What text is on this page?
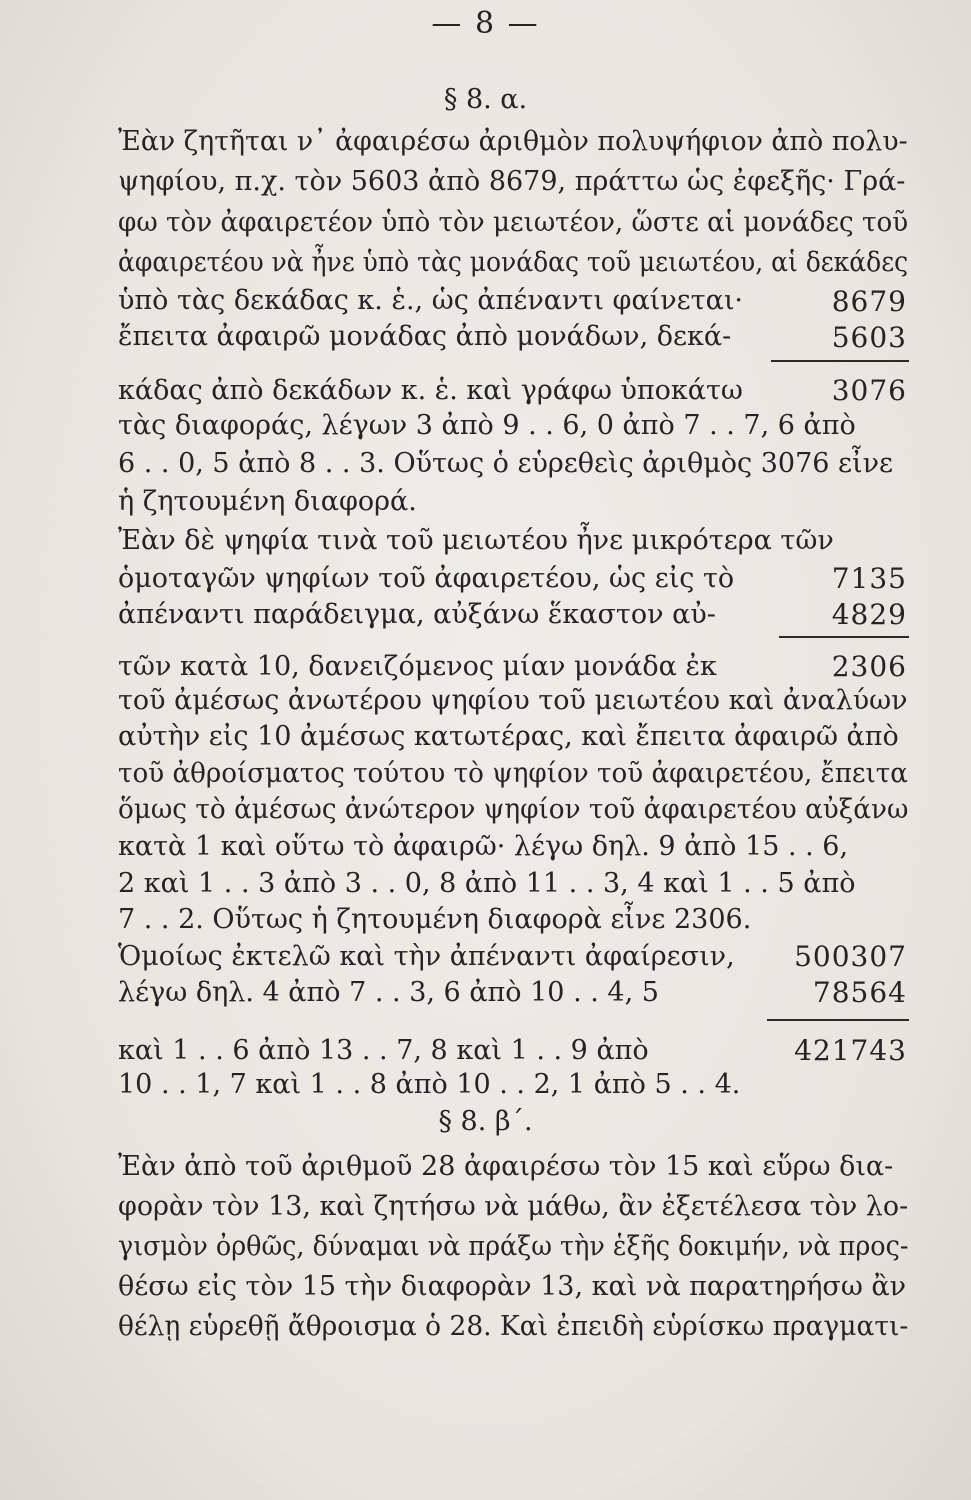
— 8 —
§ 8. α.
Ἐὰν ζητῆται ν᾽ ἀφαιρέσω ἀριθμὸν πολυψήφιον ἀπὸ πολυ-
ψηφίου, π.χ. τὸν 5603 ἀπὸ 8679, πράττω ὡς ἐφεξῆς· Γρά-
φω τὸν ἀφαιρετέον ὑπὸ τὸν μειωτέον, ὥστε αἱ μονάδες τοῦ
ἀφαιρετέου νὰ ἦνε ὑπὸ τὰς μονάδας τοῦ μειωτέου, αἱ δεκάδες
ὑπὸ τὰς δεκάδας κ. ἑ., ὡς ἀπέναντι φαίνεται·
ἔπειτα ἀφαιρῶ μονάδας ἀπὸ μονάδων, δεκά-
κάδας ἀπὸ δεκάδων κ. ἑ. καὶ γράφω ὑποκάτω
τὰς διαφοράς, λέγων 3 ἀπὸ 9 . . 6, 0 ἀπὸ 7 . . 7, 6 ἀπὸ
6 . . 0, 5 ἀπὸ 8 . . 3. Οὕτως ὁ εὑρεθεὶς ἀριθμὸς 3076 εἶνε
ἡ ζητουμένη διαφορά.
8679
5603
3076
Ἐὰν δὲ ψηφία τινὰ τοῦ μειωτέου ἦνε μικρότερα τῶν
ὁμοταγῶν ψηφίων τοῦ ἀφαιρετέου, ὡς εἰς τὸ
ἀπέναντι παράδειγμα, αὐξάνω ἕκαστον αὐ-
τῶν κατὰ 10, δανειζόμενος μίαν μονάδα ἐκ
τοῦ ἀμέσως ἀνωτέρου ψηφίου τοῦ μειωτέου καὶ ἀναλύων
αὐτὴν εἰς 10 ἀμέσως κατωτέρας, καὶ ἔπειτα ἀφαιρῶ ἀπὸ
τοῦ ἀθροίσματος τούτου τὸ ψηφίον τοῦ ἀφαιρετέου, ἔπειτα
ὅμως τὸ ἀμέσως ἀνώτερον ψηφίον τοῦ ἀφαιρετέου αὐξάνω
κατὰ 1 καὶ οὕτω τὸ ἀφαιρῶ· λέγω δηλ. 9 ἀπὸ 15 . . 6,
2 καὶ 1 . . 3 ἀπὸ 3 . . 0, 8 ἀπὸ 11 . . 3, 4 καὶ 1 . . 5 ἀπὸ
7 . . 2. Οὕτως ἡ ζητουμένη διαφορὰ εἶνε 2306.
7135
4829
2306
Ὁμοίως ἐκτελῶ καὶ τὴν ἀπέναντι ἀφαίρεσιν,
λέγω δηλ. 4 ἀπὸ 7 . . 3, 6 ἀπὸ 10 . . 4, 5
καὶ 1 . . 6 ἀπὸ 13 . . 7, 8 καὶ 1 . . 9 ἀπὸ
10 . . 1, 7 καὶ 1 . . 8 ἀπὸ 10 . . 2, 1 ἀπὸ 5 . . 4.
500307
78564
421743
§ 8. β´.
Ἐὰν ἀπὸ τοῦ ἀριθμοῦ 28 ἀφαιρέσω τὸν 15 καὶ εὕρω δια-
φορὰν τὸν 13, καὶ ζητήσω νὰ μάθω, ἂν ἐξετέλεσα τὸν λο-
γισμὸν ὀρθῶς, δύναμαι νὰ πράξω τὴν ἑξῆς δοκιμήν, νὰ προς-
θέσω εἰς τὸν 15 τὴν διαφορὰν 13, καὶ νὰ παρατηρήσω ἂν
θέλῃ εὑρεθῇ ἄθροισμα ὁ 28. Καὶ ἐπειδὴ εὑρίσκω πραγματι-
